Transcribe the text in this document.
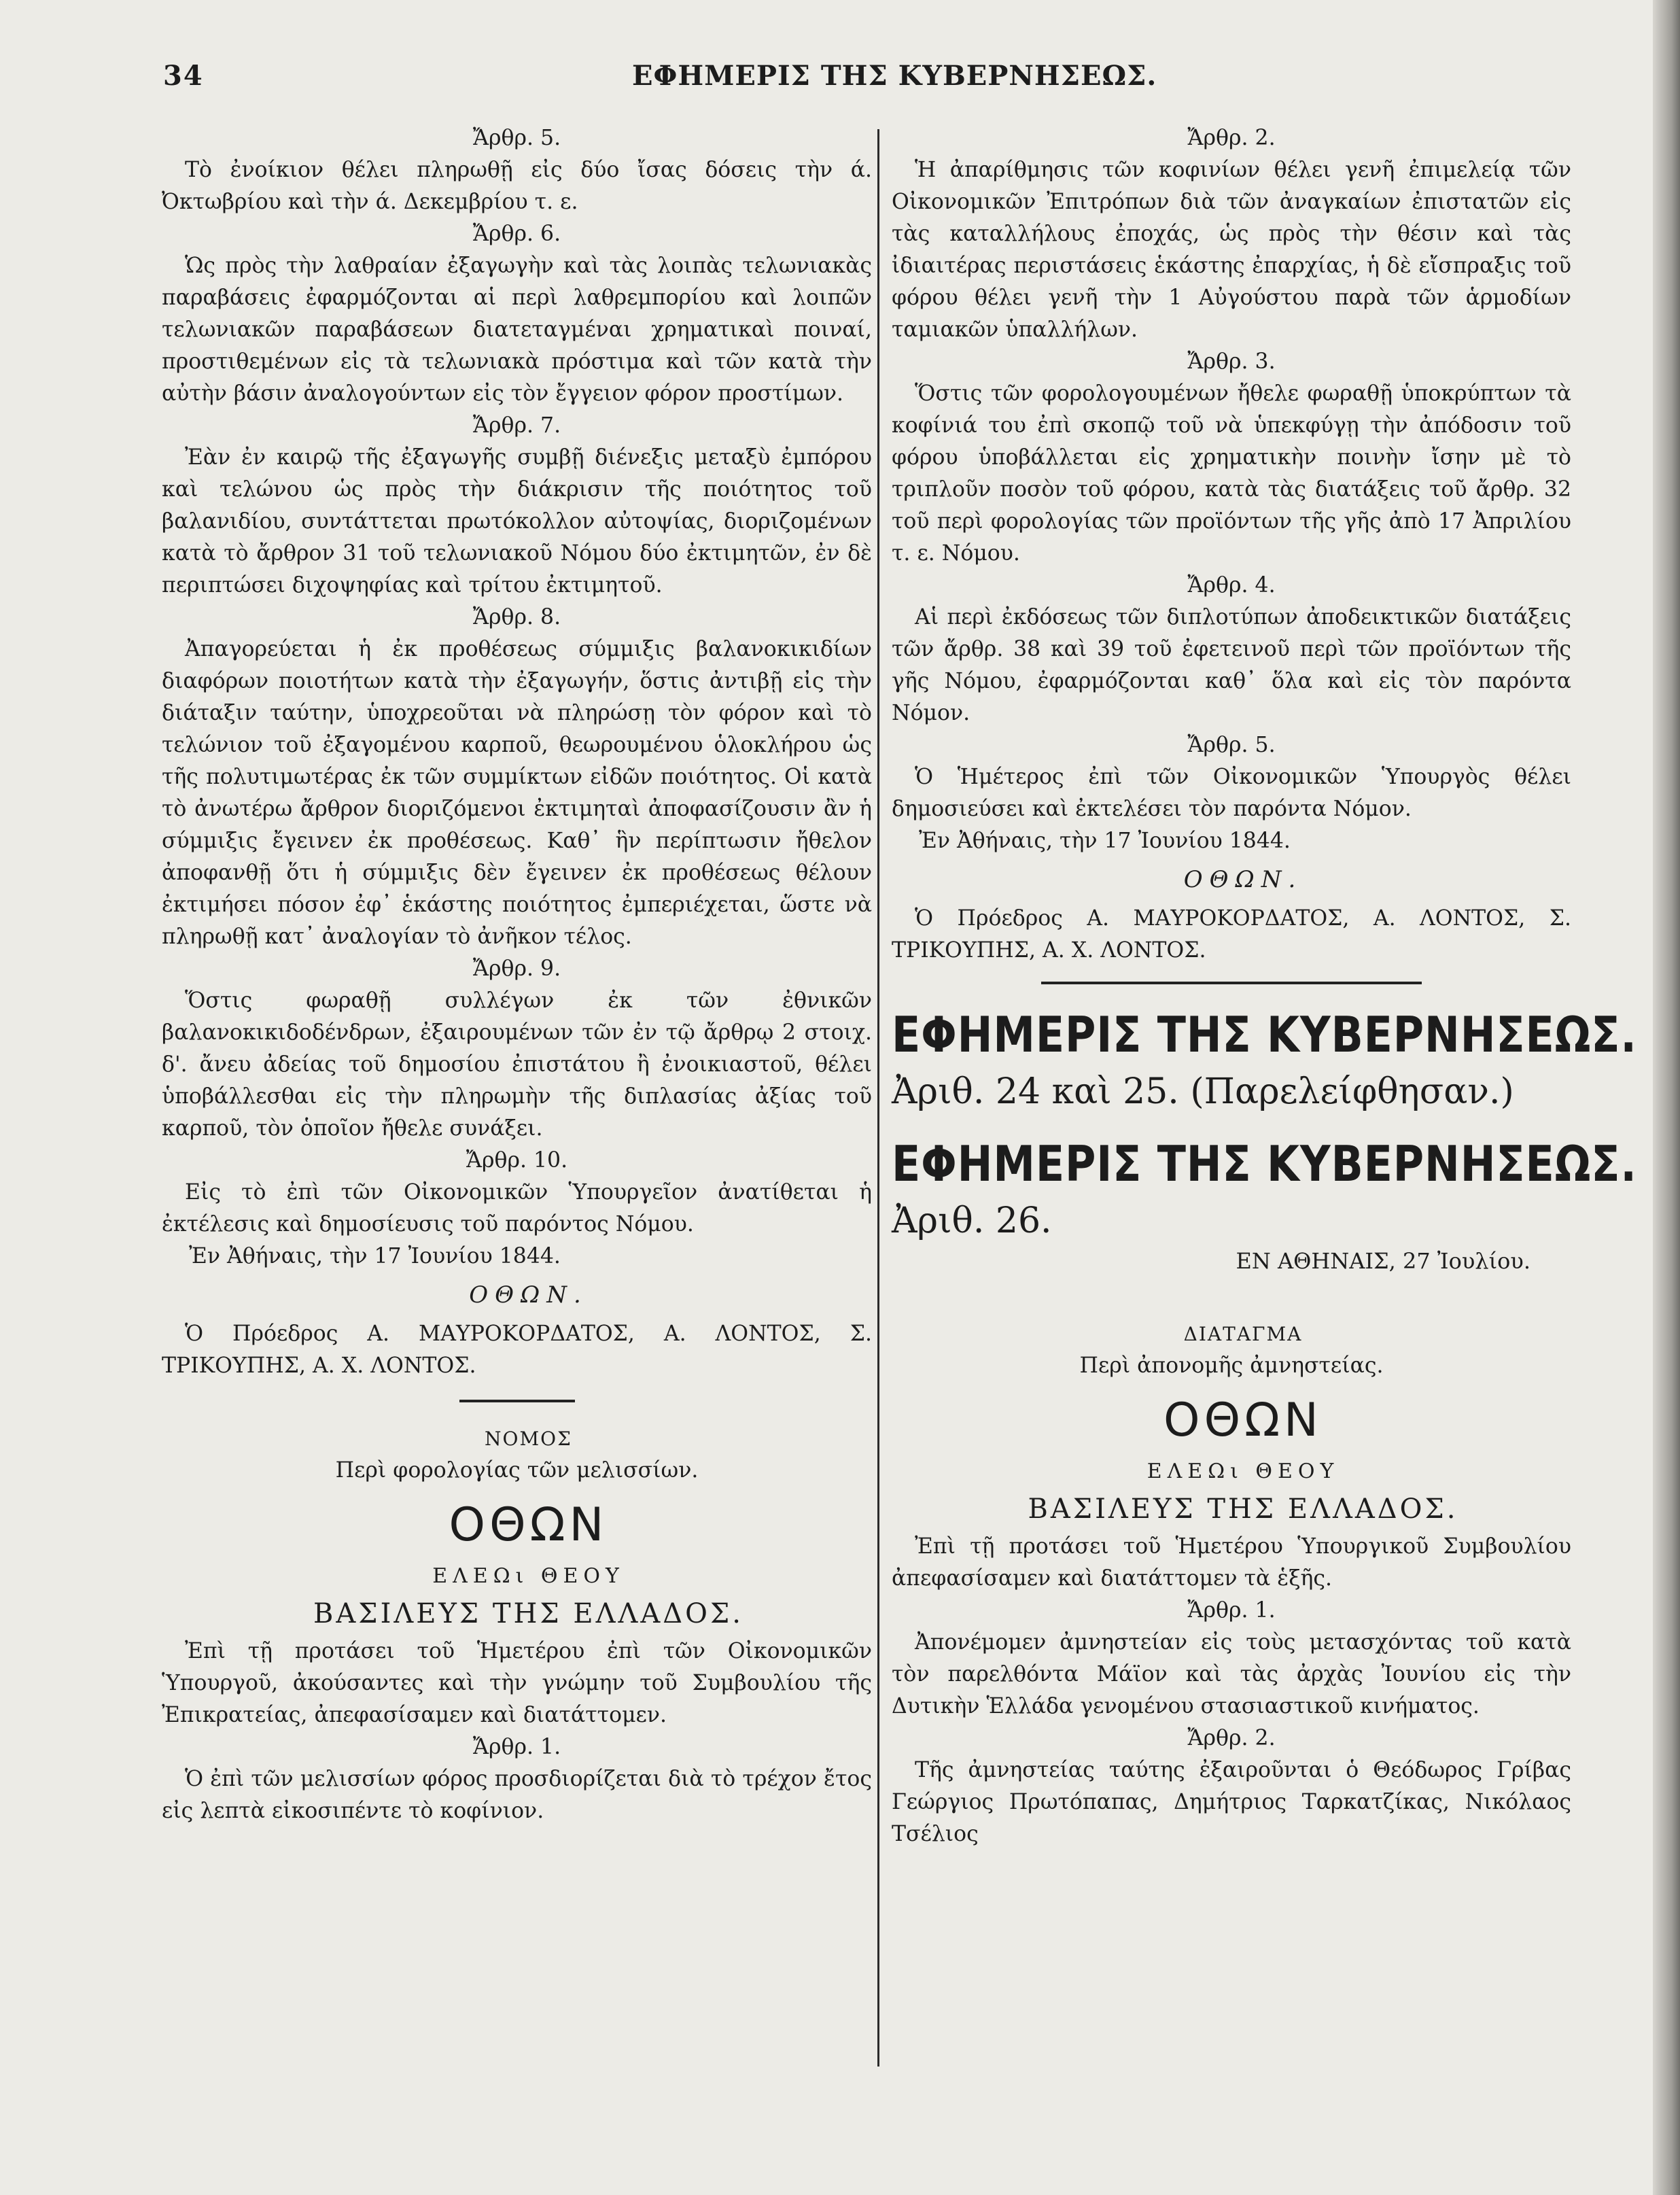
34	ΕΦΗΜΕΡΙΣ ΤΗΣ ΚΥΒΕΡΝΗΣΕΩΣ.

Ἄρθρ. 5.

Τὸ ἐνοίκιον θέλει πληρωθῇ εἰς δύο ἴσας δόσεις τὴν ά. Ὀκτωβρίου καὶ τὴν ά. Δεκεμβρίου τ. ε.

Ἄρθρ. 6.

Ὡς πρὸς τὴν λαθραίαν ἐξαγωγὴν καὶ τὰς λοιπὰς τελωνιακὰς παραβάσεις ἐφαρμόζονται αἱ περὶ λαθρεμπορίου καὶ λοιπῶν τελωνιακῶν παραβάσεων διατεταγμέναι χρηματικαὶ ποιναί, προστιθεμένων εἰς τὰ τελωνιακὰ πρόστιμα καὶ τῶν κατὰ τὴν αὐτὴν βάσιν ἀναλογούντων εἰς τὸν ἔγγειον φόρον προστίμων.

Ἄρθρ. 7.

Ἐὰν ἐν καιρῷ τῆς ἐξαγωγῆς συμβῇ διένεξις μεταξὺ ἐμπόρου καὶ τελώνου ὡς πρὸς τὴν διάκρισιν τῆς ποιότητος τοῦ βαλανιδίου, συντάττεται πρωτόκολλον αὐτοψίας, διοριζομένων κατὰ τὸ ἄρθρον 31 τοῦ τελωνιακοῦ Νόμου δύο ἐκτιμητῶν, ἐν δὲ περιπτώσει διχοψηφίας καὶ τρίτου ἐκτιμητοῦ.

Ἄρθρ. 8.

Ἀπαγορεύεται ἡ ἐκ προθέσεως σύμμιξις βαλανοκικιδίων διαφόρων ποιοτήτων κατὰ τὴν ἐξαγωγήν, ὅστις ἀντιβῇ εἰς τὴν διάταξιν ταύτην, ὑποχρεοῦται νὰ πληρώσῃ τὸν φόρον καὶ τὸ τελώνιον τοῦ ἐξαγομένου καρποῦ, θεωρουμένου ὁλοκλήρου ὡς τῆς πολυτιμωτέρας ἐκ τῶν συμμίκτων εἰδῶν ποιότητος. Οἱ κατὰ τὸ ἀνωτέρω ἄρθρον διοριζόμενοι ἐκτιμηταὶ ἀποφασίζουσιν ἂν ἡ σύμμιξις ἔγεινεν ἐκ προθέσεως. Καθ᾽ ἣν περίπτωσιν ἤθελον ἀποφανθῇ ὅτι ἡ σύμμιξις δὲν ἔγεινεν ἐκ προθέσεως θέλουν ἐκτιμήσει πόσον ἐφ᾽ ἑκάστης ποιότητος ἐμπεριέχεται, ὥστε νὰ πληρωθῇ κατ᾽ ἀναλογίαν τὸ ἀνῆκον τέλος.

Ἄρθρ. 9.

Ὅστις φωραθῇ συλλέγων ἐκ τῶν ἐθνικῶν βαλανοκικιδοδένδρων, ἐξαιρουμένων τῶν ἐν τῷ ἄρθρῳ 2 στοιχ. δ'. ἄνευ ἀδείας τοῦ δημοσίου ἐπιστάτου ἢ ἐνοικιαστοῦ, θέλει ὑποβάλλεσθαι εἰς τὴν πληρωμὴν τῆς διπλασίας ἀξίας τοῦ καρποῦ, τὸν ὁποῖον ἤθελε συνάξει.

Ἄρθρ. 10.

Εἰς τὸ ἐπὶ τῶν Οἰκονομικῶν Ὑπουργεῖον ἀνατίθεται ἡ ἐκτέλεσις καὶ δημοσίευσις τοῦ παρόντος Νόμου.

Ἐν Ἀθήναις, τὴν 17 Ἰουνίου 1844.

ΟΘΩΝ.

Ὁ Πρόεδρος Α. ΜΑΥΡΟΚΟΡΔΑΤΟΣ, Α. ΛΟΝΤΟΣ, Σ. ΤΡΙΚΟΥΠΗΣ, Α. Χ. ΛΟΝΤΟΣ.

ΝΟΜΟΣ

Περὶ φορολογίας τῶν μελισσίων.

ΟΘΩΝ

ΕΛΕΩι ΘΕΟΥ

ΒΑΣΙΛΕΥΣ ΤΗΣ ΕΛΛΑΔΟΣ.

Ἐπὶ τῇ προτάσει τοῦ Ἡμετέρου ἐπὶ τῶν Οἰκονομικῶν Ὑπουργοῦ, ἀκούσαντες καὶ τὴν γνώμην τοῦ Συμβουλίου τῆς Ἐπικρατείας, ἀπεφασίσαμεν καὶ διατάττομεν.

Ἄρθρ. 1.

Ὁ ἐπὶ τῶν μελισσίων φόρος προσδιορίζεται διὰ τὸ τρέχον ἔτος εἰς λεπτὰ εἰκοσιπέντε τὸ κοφίνιον.

Ἄρθρ. 2.

Ἡ ἀπαρίθμησις τῶν κοφινίων θέλει γενῆ ἐπιμελείᾳ τῶν Οἰκονομικῶν Ἐπιτρόπων διὰ τῶν ἀναγκαίων ἐπιστατῶν εἰς τὰς καταλλήλους ἐποχάς, ὡς πρὸς τὴν θέσιν καὶ τὰς ἰδιαιτέρας περιστάσεις ἑκάστης ἐπαρχίας, ἡ δὲ εἴσπραξις τοῦ φόρου θέλει γενῆ τὴν 1 Αὐγούστου παρὰ τῶν ἁρμοδίων ταμιακῶν ὑπαλλήλων.

Ἄρθρ. 3.

Ὅστις τῶν φορολογουμένων ἤθελε φωραθῇ ὑποκρύπτων τὰ κοφίνιά του ἐπὶ σκοπῷ τοῦ νὰ ὑπεκφύγῃ τὴν ἀπόδοσιν τοῦ φόρου ὑποβάλλεται εἰς χρηματικὴν ποινὴν ἴσην μὲ τὸ τριπλοῦν ποσὸν τοῦ φόρου, κατὰ τὰς διατάξεις τοῦ ἄρθρ. 32 τοῦ περὶ φορολογίας τῶν προϊόντων τῆς γῆς ἀπὸ 17 Ἀπριλίου τ. ε. Νόμου.

Ἄρθρ. 4.

Αἱ περὶ ἐκδόσεως τῶν διπλοτύπων ἀποδεικτικῶν διατάξεις τῶν ἄρθρ. 38 καὶ 39 τοῦ ἐφετεινοῦ περὶ τῶν προϊόντων τῆς γῆς Νόμου, ἐφαρμόζονται καθ᾽ ὅλα καὶ εἰς τὸν παρόντα Νόμον.

Ἄρθρ. 5.

Ὁ Ἡμέτερος ἐπὶ τῶν Οἰκονομικῶν Ὑπουργὸς θέλει δημοσιεύσει καὶ ἐκτελέσει τὸν παρόντα Νόμον.

Ἐν Ἀθήναις, τὴν 17 Ἰουνίου 1844.

ΟΘΩΝ.

Ὁ Πρόεδρος Α. ΜΑΥΡΟΚΟΡΔΑΤΟΣ, Α. ΛΟΝΤΟΣ, Σ. ΤΡΙΚΟΥΠΗΣ, Α. Χ. ΛΟΝΤΟΣ.

ΕΦΗΜΕΡΙΣ ΤΗΣ ΚΥΒΕΡΝΗΣΕΩΣ.
Ἀριθ. 24 καὶ 25. (Παρελείφθησαν.)
ΕΦΗΜΕΡΙΣ ΤΗΣ ΚΥΒΕΡΝΗΣΕΩΣ.
Ἀριθ. 26.

ΕΝ ΑΘΗΝΑΙΣ, 27 Ἰουλίου.

ΔΙΑΤΑΓΜΑ

Περὶ ἀπονομῆς ἀμνηστείας.

ΟΘΩΝ

ΕΛΕΩι ΘΕΟΥ

ΒΑΣΙΛΕΥΣ ΤΗΣ ΕΛΛΑΔΟΣ.

Ἐπὶ τῇ προτάσει τοῦ Ἡμετέρου Ὑπουργικοῦ Συμβουλίου ἀπεφασίσαμεν καὶ διατάττομεν τὰ ἑξῆς.

Ἄρθρ. 1.

Ἀπονέμομεν ἀμνηστείαν εἰς τοὺς μετασχόντας τοῦ κατὰ τὸν παρελθόντα Μάϊον καὶ τὰς ἀρχὰς Ἰουνίου εἰς τὴν Δυτικὴν Ἑλλάδα γενομένου στασιαστικοῦ κινήματος.

Ἄρθρ. 2.

Τῆς ἀμνηστείας ταύτης ἐξαιροῦνται ὁ Θεόδωρος Γρίβας Γεώργιος Πρωτόπαπας, Δημήτριος Ταρκατζίκας, Νικόλαος Τσέλιος
